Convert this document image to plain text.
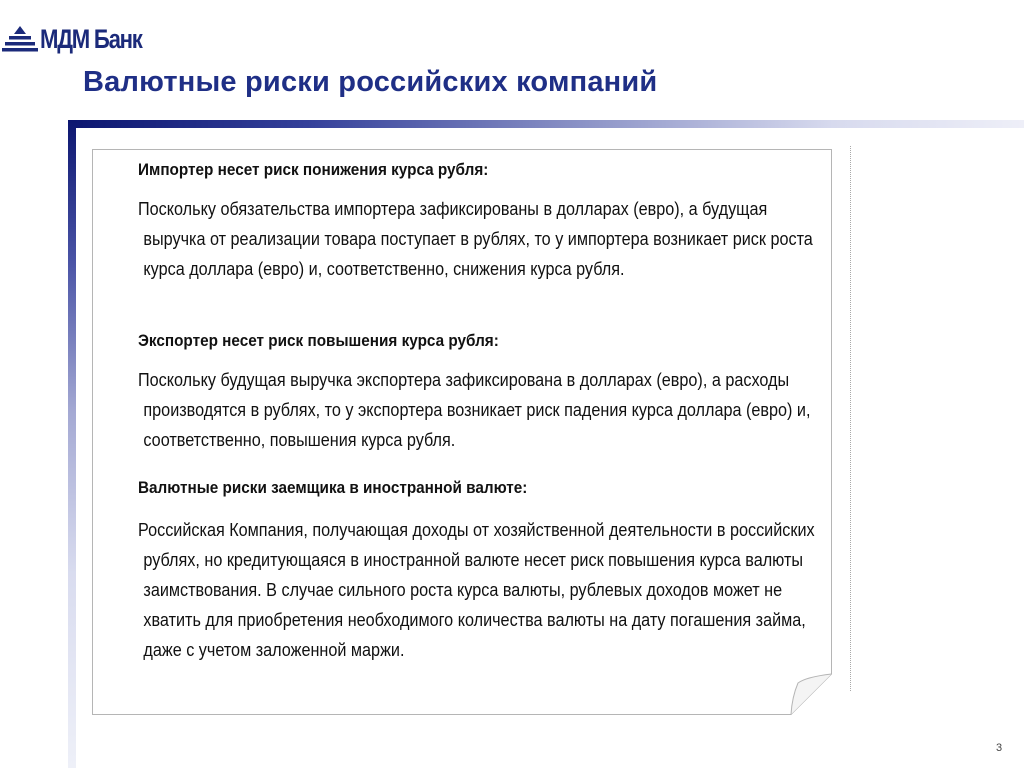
МДМ Банк
Валютные риски российских компаний
Импортер несет риск понижения курса рубля:

Поскольку обязательства импортера зафиксированы в долларах (евро), а будущая выручка от реализации товара поступает в рублях, то у импортера возникает риск роста курса доллара (евро) и, соответственно, снижения курса рубля.

Экспортер несет риск повышения курса рубля:

Поскольку будущая выручка экспортера зафиксирована в долларах (евро), а расходы производятся в рублях, то у экспортера возникает риск падения курса доллара (евро) и, соответственно, повышения курса рубля.

Валютные риски заемщика в иностранной валюте:

Российская Компания, получающая доходы от хозяйственной деятельности в российских рублях, но кредитующаяся в иностранной валюте несет риск повышения курса валюты заимствования. В случае сильного роста курса валюты, рублевых доходов может не хватить для приобретения необходимого количества валюты на дату погашения займа, даже с учетом заложенной маржи.

3
